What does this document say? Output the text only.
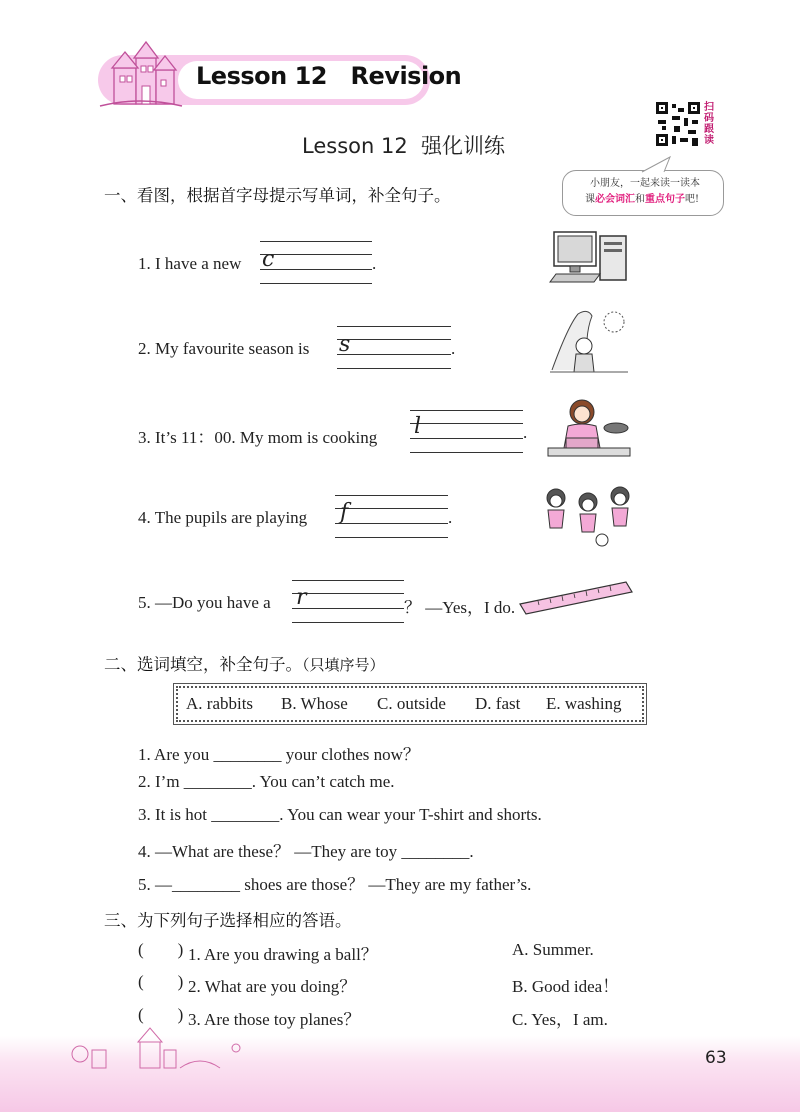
Lesson 12   Revision
Lesson 12  强化训练
扫码跟读
小朋友，一起来读一读本
课必会词汇和重点句子吧!
一、看图，根据首字母提示写单词，补全句子。
1. I have a new c	.
2. My favourite season is s	.
3. It’s 11：00. My mom is cooking l	.
4. The pupils are playing f	.
5. —Do you have a r	？ —Yes，I do.
二、选词填空，补全句子。（只填序号）
A. rabbits B. Whose C. outside D. fast E. washing
1. Are you ________ your clothes now？
2. I’m ________. You can’t catch me.
3. It is hot ________. You can wear your T-shirt and shorts.
4. —What are these？ —They are toy ________.
5. —________ shoes are those？ —They are my father’s.
三、为下列句子选择相应的答语。
(        ) 1. Are you drawing a ball？	A. Summer.
(        ) 2. What are you doing？	B. Good idea！
(        ) 3. Are those toy planes？	C. Yes，I am.
63
